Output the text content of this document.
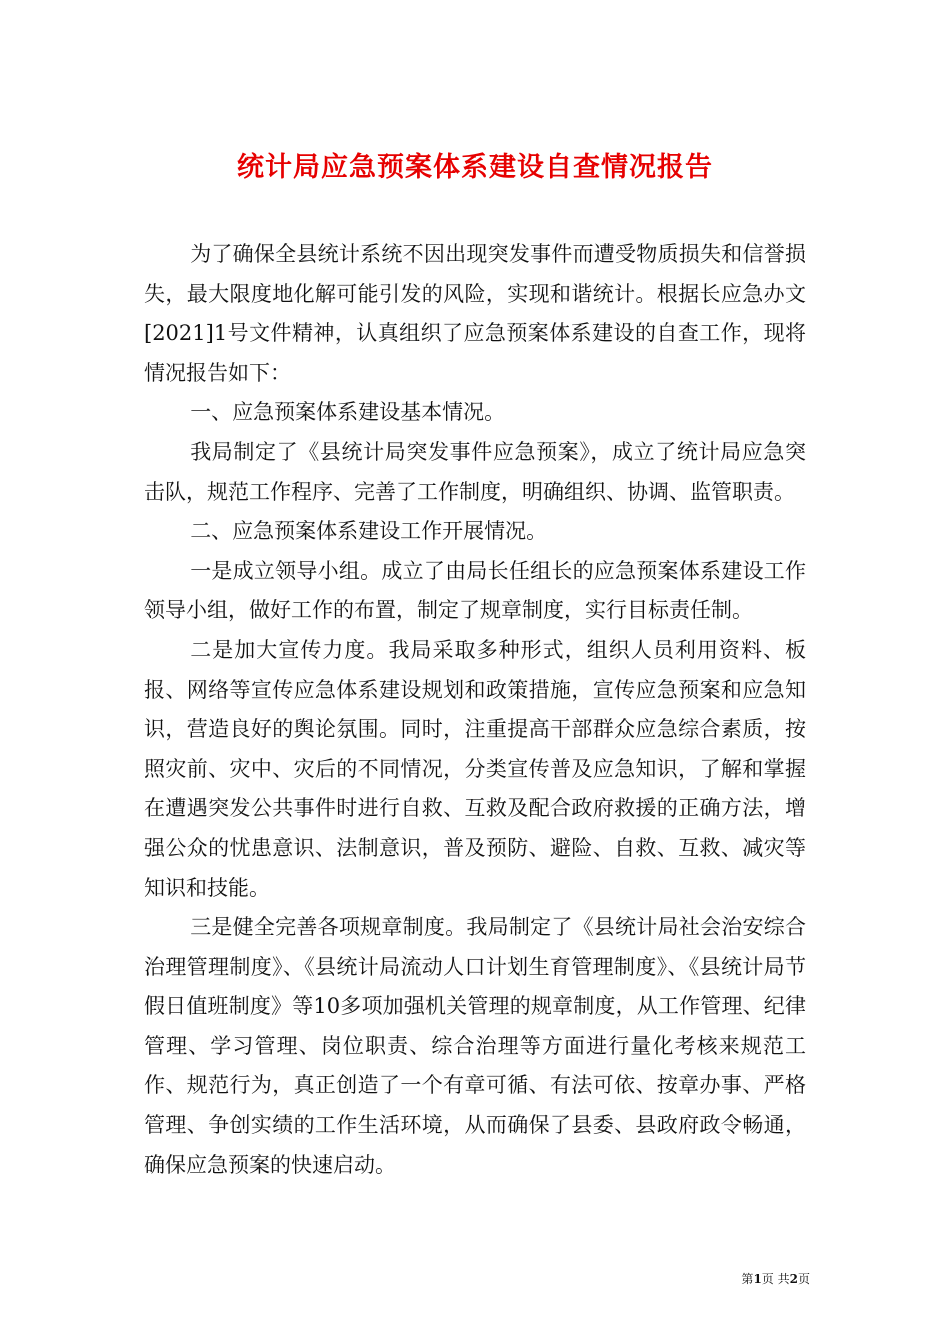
统计局应急预案体系建设自查情况报告

为了确保全县统计系统不因出现突发事件而遭受物质损失和信誉损失，最大限度地化解可能引发的风险，实现和谐统计。根据长应急办文[2021]1号文件精神，认真组织了应急预案体系建设的自查工作，现将情况报告如下：

一、应急预案体系建设基本情况。

我局制定了《县统计局突发事件应急预案》，成立了统计局应急突击队，规范工作程序、完善了工作制度，明确组织、协调、监管职责。

二、应急预案体系建设工作开展情况。

一是成立领导小组。成立了由局长任组长的应急预案体系建设工作领导小组，做好工作的布置，制定了规章制度，实行目标责任制。

二是加大宣传力度。我局采取多种形式，组织人员利用资料、板报、网络等宣传应急体系建设规划和政策措施，宣传应急预案和应急知识，营造良好的舆论氛围。同时，注重提高干部群众应急综合素质，按照灾前、灾中、灾后的不同情况，分类宣传普及应急知识，了解和掌握在遭遇突发公共事件时进行自救、互救及配合政府救援的正确方法，增强公众的忧患意识、法制意识，普及预防、避险、自救、互救、减灾等知识和技能。

三是健全完善各项规章制度。我局制定了《县统计局社会治安综合治理管理制度》、《县统计局流动人口计划生育管理制度》、《县统计局节假日值班制度》等10多项加强机关管理的规章制度，从工作管理、纪律管理、学习管理、岗位职责、综合治理等方面进行量化考核来规范工作、规范行为，真正创造了一个有章可循、有法可依、按章办事、严格管理、争创实绩的工作生活环境，从而确保了县委、县政府政令畅通，确保应急预案的快速启动。

第1页 共2页
